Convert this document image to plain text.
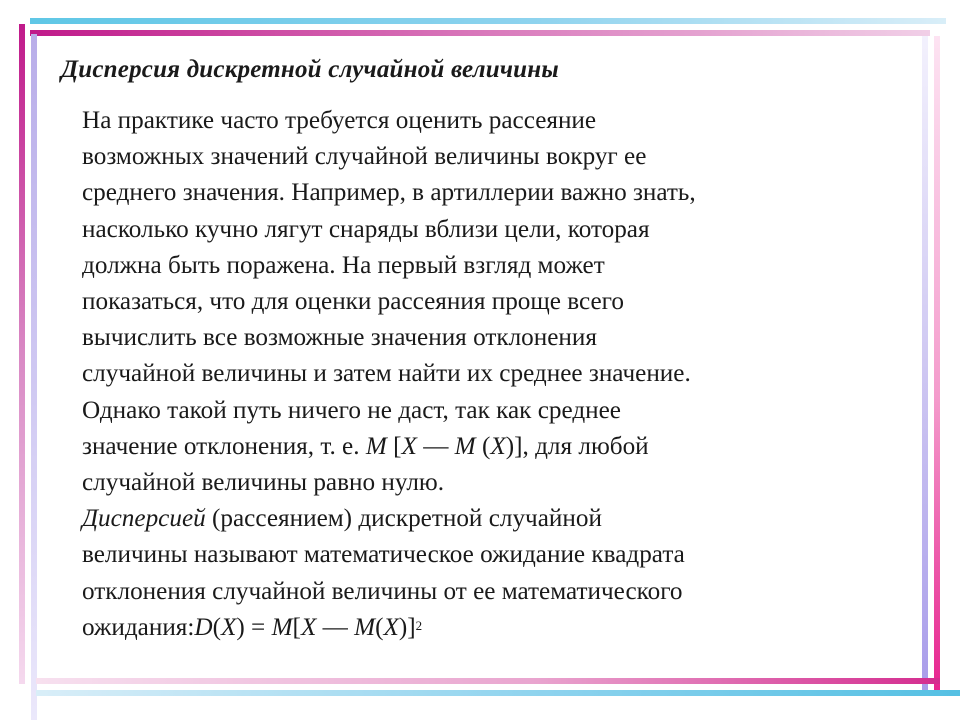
Дисперсия дискретной случайной величины

На практике часто требуется оценить рассеяние
возможных значений случайной величины вокруг ее
среднего значения. Например, в артиллерии важно знать,
насколько кучно лягут снаряды вблизи цели, которая
должна быть поражена. На первый взгляд может
показаться, что для оценки рассеяния проще всего
вычислить все возможные значения отклонения
случайной величины и затем найти их среднее значение.
Однако такой путь ничего не даст, так как среднее
значение отклонения, т. е. M [X — M (X)], для любой
случайной величины равно нулю.

Дисперсией (рассеянием) дискретной случайной
величины называют математическое ожидание квадрата
отклонения случайной величины от ее математического
ожидания:D(X) = M[X — M(X)]$^2$
